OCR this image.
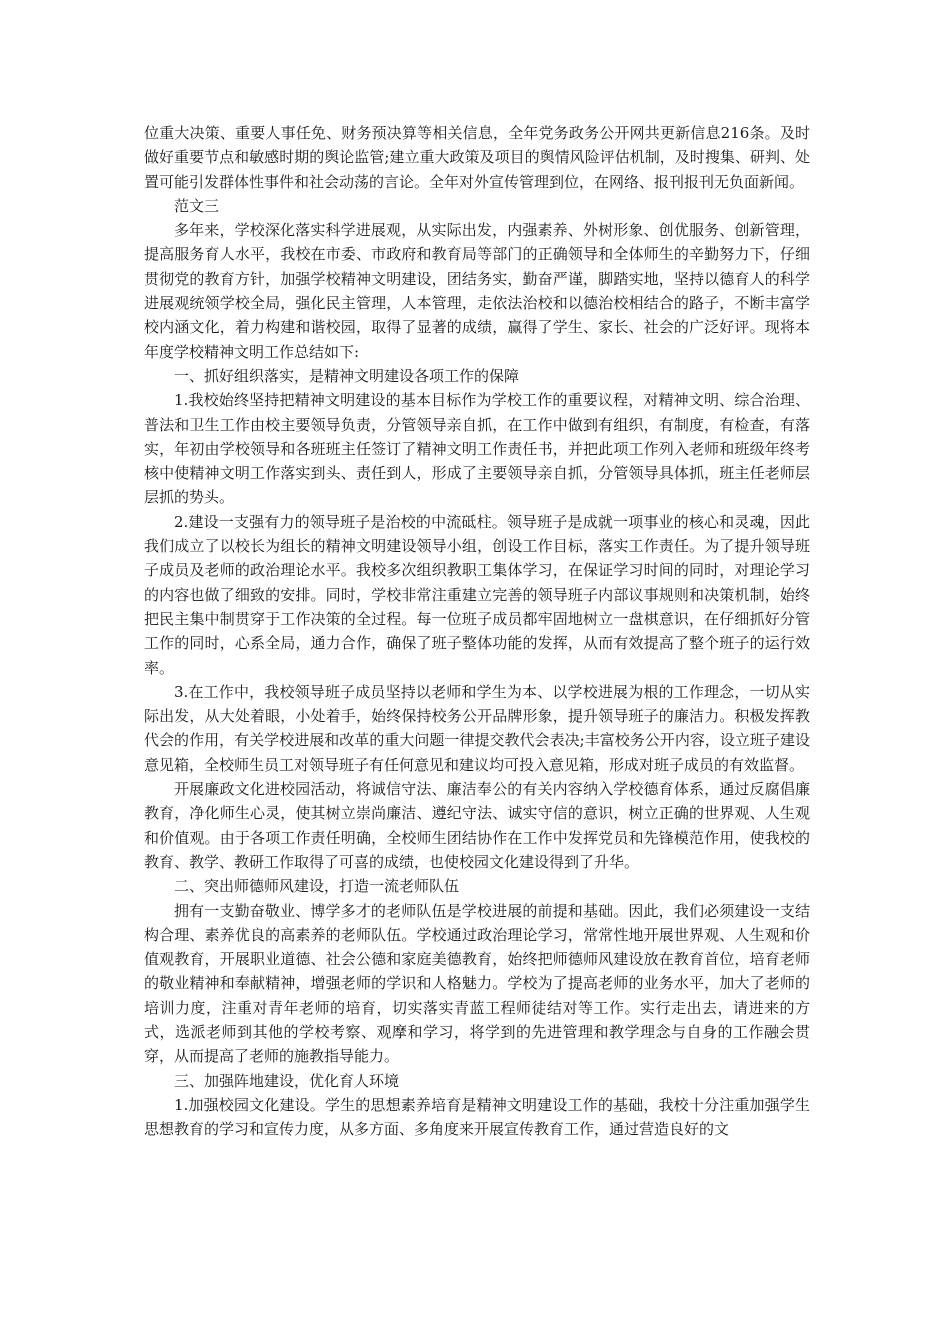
位重大决策、重要人事任免、财务预决算等相关信息，全年党务政务公开网共更新信息216条。及时做好重要节点和敏感时期的舆论监管;建立重大政策及项目的舆情风险评估机制，及时搜集、研判、处置可能引发群体性事件和社会动荡的言论。全年对外宣传管理到位，在网络、报刊报刊无负面新闻。

范文三

多年来，学校深化落实科学进展观，从实际出发，内强素养、外树形象、创优服务、创新管理，提高服务育人水平，我校在市委、市政府和教育局等部门的正确领导和全体师生的辛勤努力下，仔细贯彻党的教育方针，加强学校精神文明建设，团结务实，勤奋严谨，脚踏实地，坚持以德育人的科学进展观统领学校全局，强化民主管理，人本管理，走依法治校和以德治校相结合的路子，不断丰富学校内涵文化，着力构建和谐校园，取得了显著的成绩，赢得了学生、家长、社会的广泛好评。现将本年度学校精神文明工作总结如下:

一、抓好组织落实，是精神文明建设各项工作的保障

1.我校始终坚持把精神文明建设的基本目标作为学校工作的重要议程，对精神文明、综合治理、普法和卫生工作由校主要领导负责，分管领导亲自抓，在工作中做到有组织，有制度，有检查，有落实，年初由学校领导和各班班主任签订了精神文明工作责任书，并把此项工作列入老师和班级年终考核中使精神文明工作落实到头、责任到人，形成了主要领导亲自抓，分管领导具体抓，班主任老师层层抓的势头。

2.建设一支强有力的领导班子是治校的中流砥柱。领导班子是成就一项事业的核心和灵魂，因此我们成立了以校长为组长的精神文明建设领导小组，创设工作目标，落实工作责任。为了提升领导班子成员及老师的政治理论水平。我校多次组织教职工集体学习，在保证学习时间的同时，对理论学习的内容也做了细致的安排。同时，学校非常注重建立完善的领导班子内部议事规则和决策机制，始终把民主集中制贯穿于工作决策的全过程。每一位班子成员都牢固地树立一盘棋意识，在仔细抓好分管工作的同时，心系全局，通力合作，确保了班子整体功能的发挥，从而有效提高了整个班子的运行效率。

3.在工作中，我校领导班子成员坚持以老师和学生为本、以学校进展为根的工作理念，一切从实际出发，从大处着眼，小处着手，始终保持校务公开品牌形象，提升领导班子的廉洁力。积极发挥教代会的作用，有关学校进展和改革的重大问题一律提交教代会表决;丰富校务公开内容，设立班子建设意见箱，全校师生员工对领导班子有任何意见和建议均可投入意见箱，形成对班子成员的有效监督。

开展廉政文化进校园活动，将诚信守法、廉洁奉公的有关内容纳入学校德育体系，通过反腐倡廉教育，净化师生心灵，使其树立崇尚廉洁、遵纪守法、诚实守信的意识，树立正确的世界观、人生观和价值观。由于各项工作责任明确，全校师生团结协作在工作中发挥党员和先锋模范作用，使我校的教育、教学、教研工作取得了可喜的成绩，也使校园文化建设得到了升华。

二、突出师德师风建设，打造一流老师队伍

拥有一支勤奋敬业、博学多才的老师队伍是学校进展的前提和基础。因此，我们必须建设一支结构合理、素养优良的高素养的老师队伍。学校通过政治理论学习，常常性地开展世界观、人生观和价值观教育，开展职业道德、社会公德和家庭美德教育，始终把师德师风建设放在教育首位，培育老师的敬业精神和奉献精神，增强老师的学识和人格魅力。学校为了提高老师的业务水平，加大了老师的培训力度，注重对青年老师的培育，切实落实青蓝工程师徒结对等工作。实行走出去，请进来的方式，选派老师到其他的学校考察、观摩和学习，将学到的先进管理和教学理念与自身的工作融会贯穿，从而提高了老师的施教指导能力。

三、加强阵地建设，优化育人环境

1.加强校园文化建设。学生的思想素养培育是精神文明建设工作的基础，我校十分注重加强学生思想教育的学习和宣传力度，从多方面、多角度来开展宣传教育工作，通过营造良好的文
